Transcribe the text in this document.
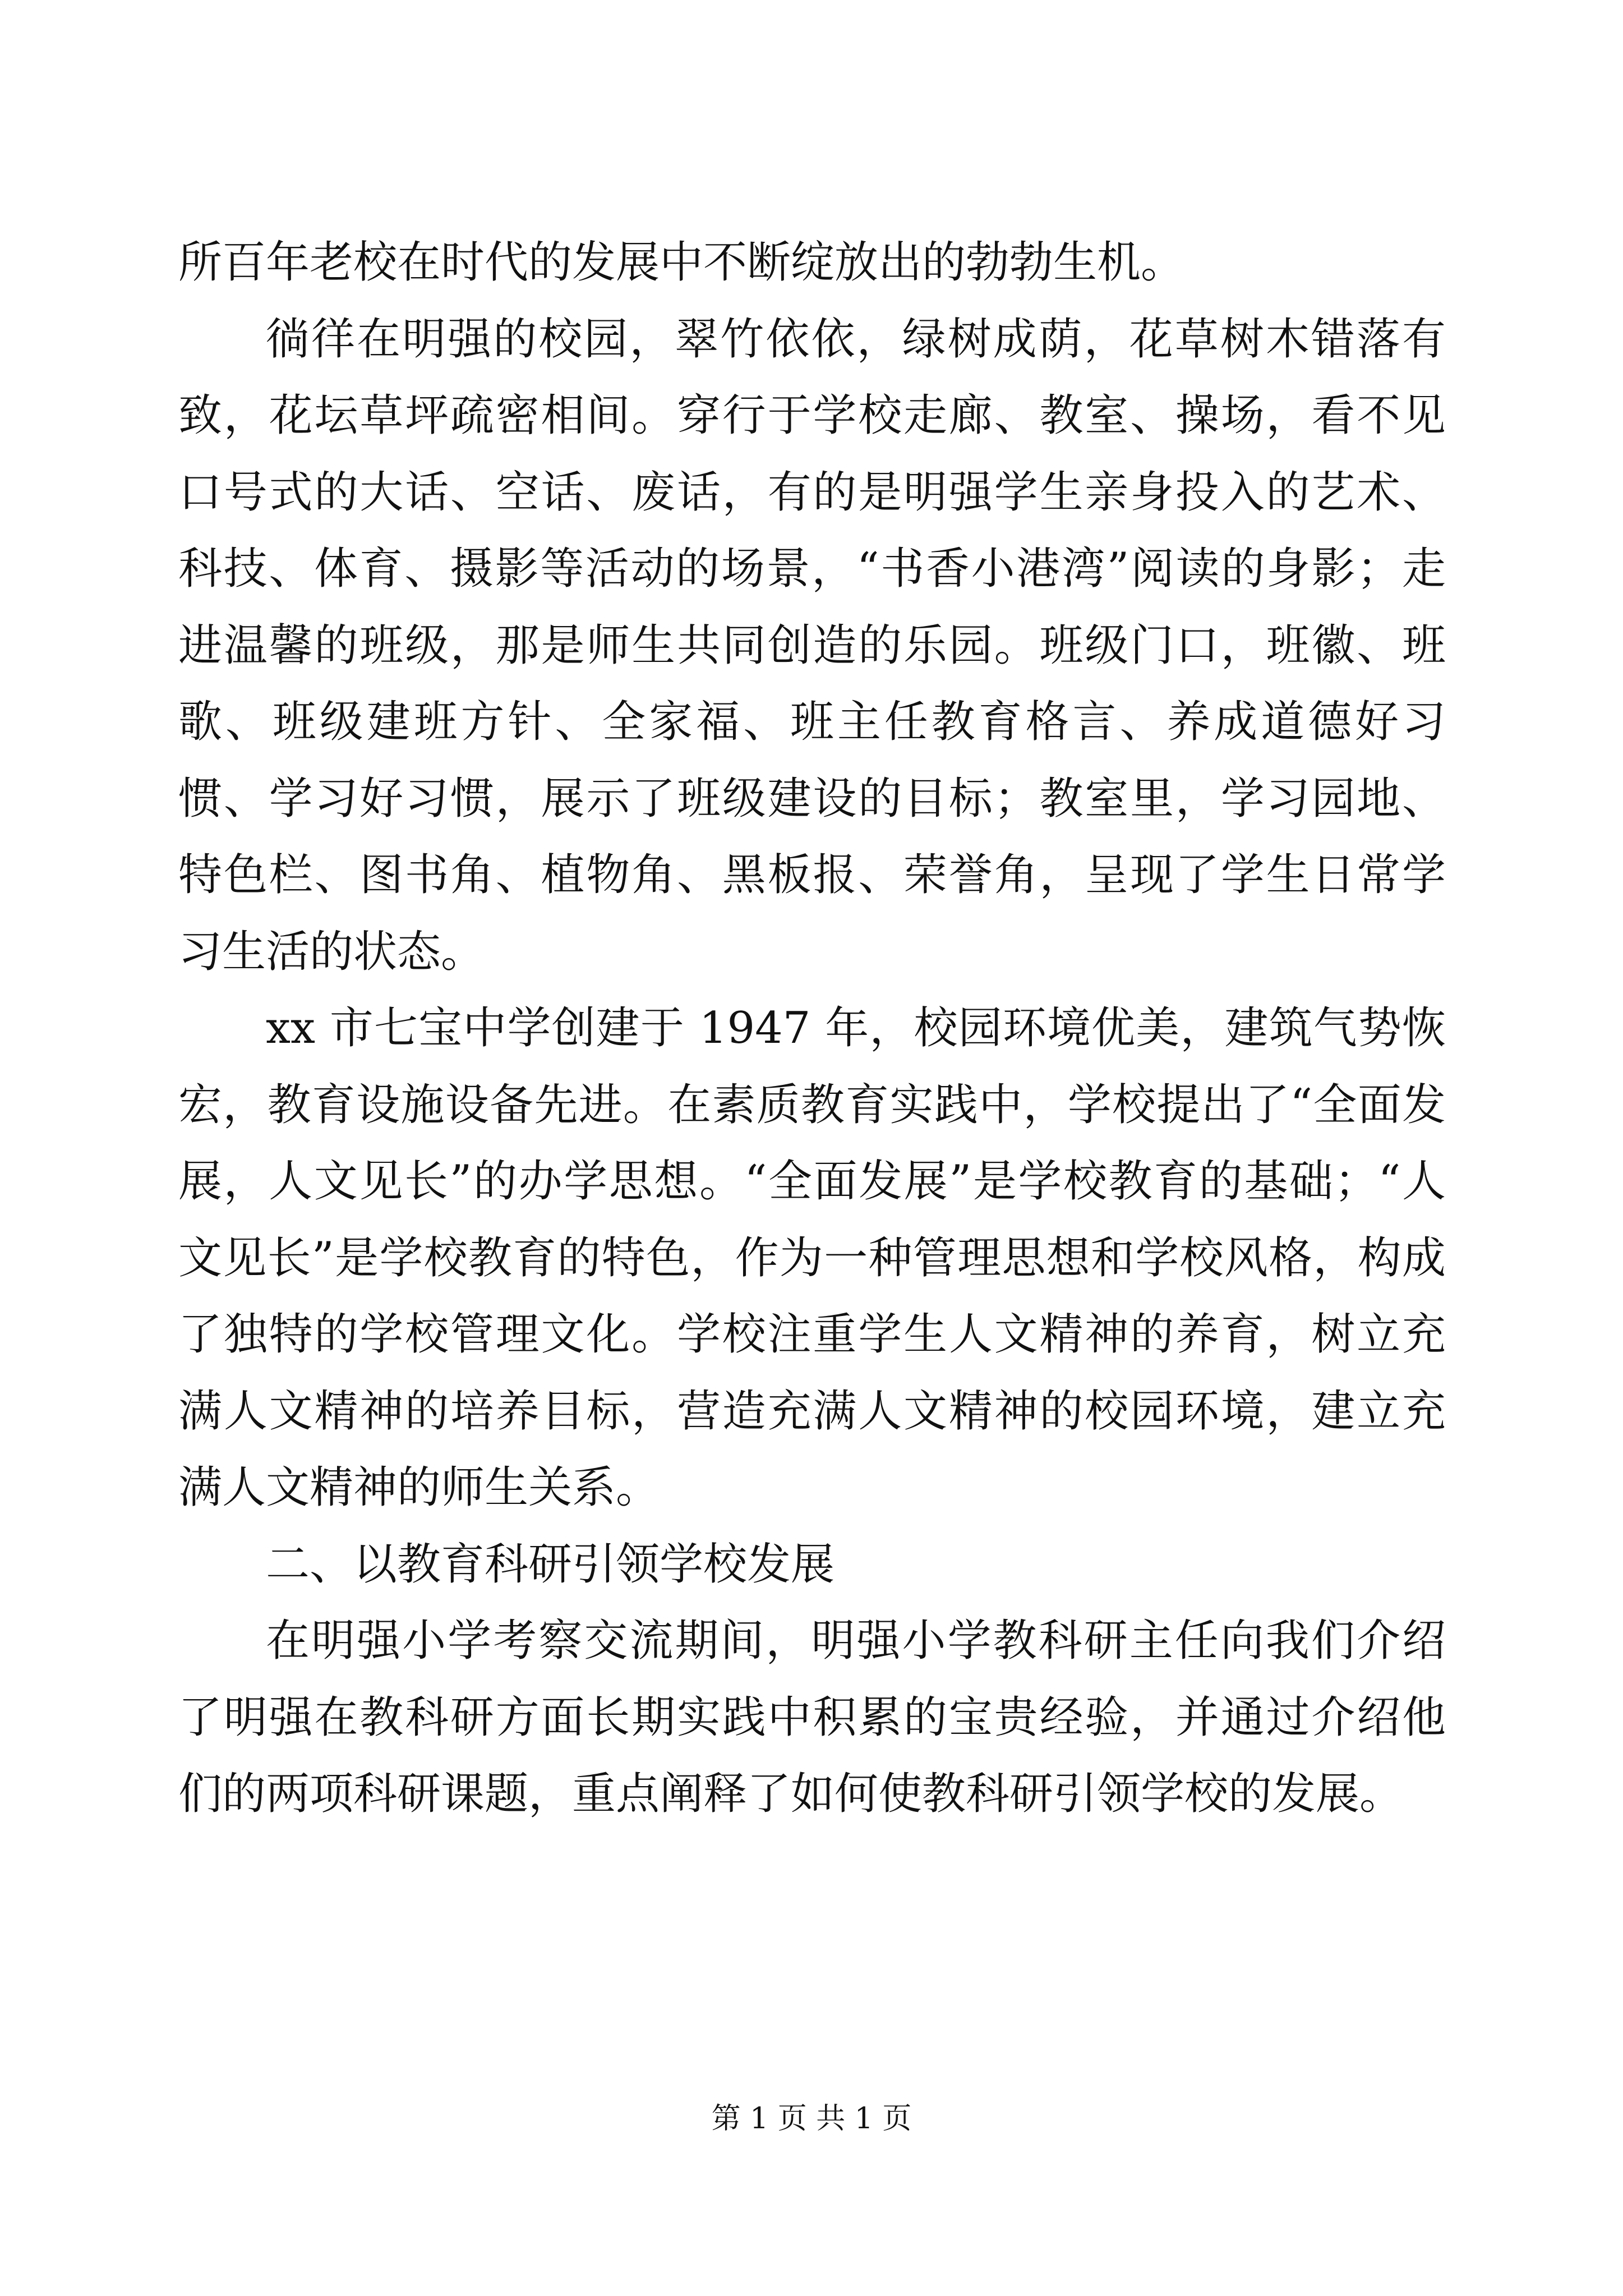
所百年老校在时代的发展中不断绽放出的勃勃生机。

徜徉在明强的校园，翠竹依依，绿树成荫，花草树木错落有致，花坛草坪疏密相间。穿行于学校走廊、教室、操场，看不见口号式的大话、空话、废话，有的是明强学生亲身投入的艺术、科技、体育、摄影等活动的场景，“书香小港湾”阅读的身影；走进温馨的班级，那是师生共同创造的乐园。班级门口，班徽、班歌、班级建班方针、全家福、班主任教育格言、养成道德好习惯、学习好习惯，展示了班级建设的目标；教室里，学习园地、特色栏、图书角、植物角、黑板报、荣誉角，呈现了学生日常学习生活的状态。

xx 市七宝中学创建于 1947 年，校园环境优美，建筑气势恢宏，教育设施设备先进。在素质教育实践中，学校提出了“全面发展，人文见长”的办学思想。“全面发展”是学校教育的基础；“人文见长”是学校教育的特色，作为一种管理思想和学校风格，构成了独特的学校管理文化。学校注重学生人文精神的养育，树立充满人文精神的培养目标，营造充满人文精神的校园环境，建立充满人文精神的师生关系。

二、以教育科研引领学校发展

在明强小学考察交流期间，明强小学教科研主任向我们介绍了明强在教科研方面长期实践中积累的宝贵经验，并通过介绍他们的两项科研课题，重点阐释了如何使教科研引领学校的发展。

第 1 页 共 1 页
